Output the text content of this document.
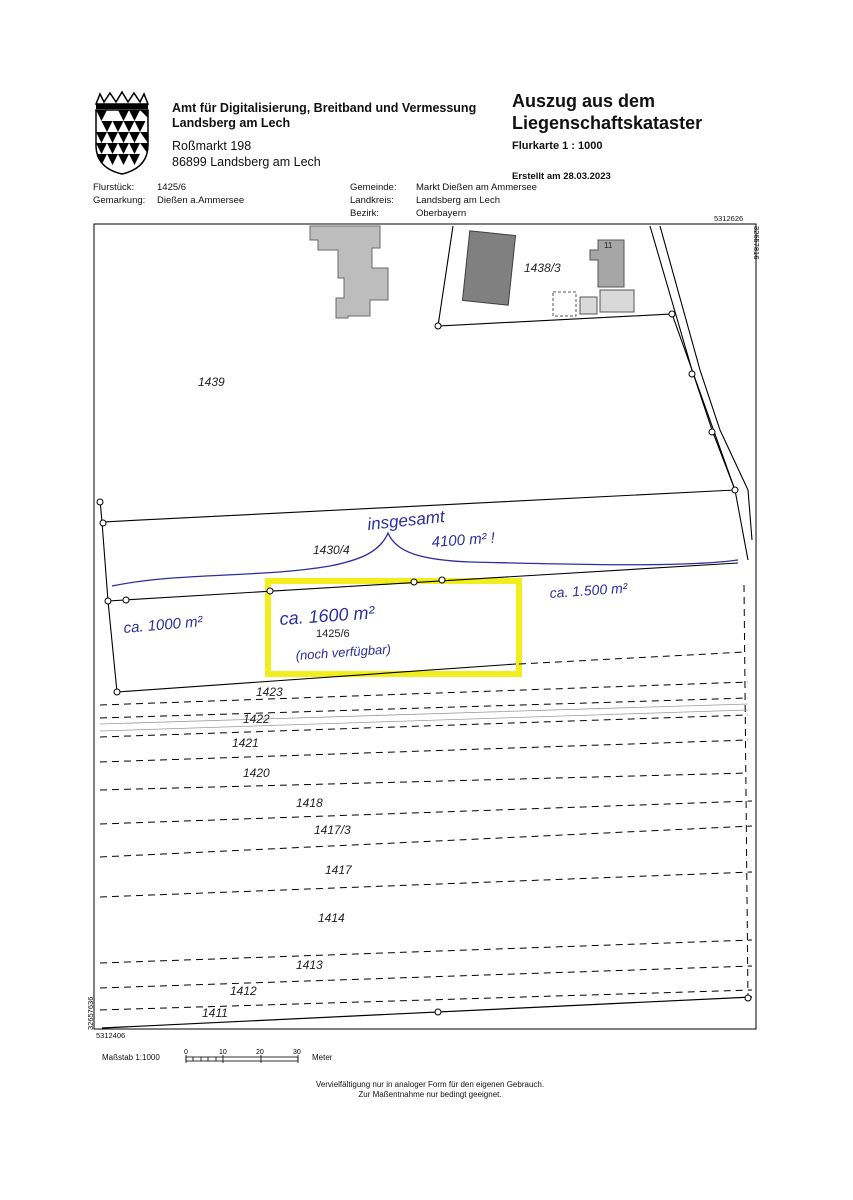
Amt für Digitalisierung, Breitband und Vermessung
Landsberg am Lech
Roßmarkt 198
86899 Landsberg am Lech
Auszug aus dem
Liegenschaftskataster
Flurkarte 1 : 1000
Erstellt am 28.03.2023
Flurstück: 1425/6
Gemarkung: Dießen a.Ammersee
Gemeinde: Markt Dießen am Ammersee
Landkreis: Landsberg am Lech
Bezirk:	Oberbayern	5312626
32657816
5312406
32657636
1438/3
1439
1430/4
1425/6
1423
1422
1421
1420
1418
1417/3
1417
1414
1413
1412
1411
11
insgesamt
4100 m² !
ca. 1000 m²	ca. 1600 m²
(noch verfügbar)
ca. 1.500 m²
0	10	20	30
Maßstab 1:1000	Meter
Vervielfältigung nur in analoger Form für den eigenen Gebrauch.
Zur Maßentnahme nur bedingt geeignet.
